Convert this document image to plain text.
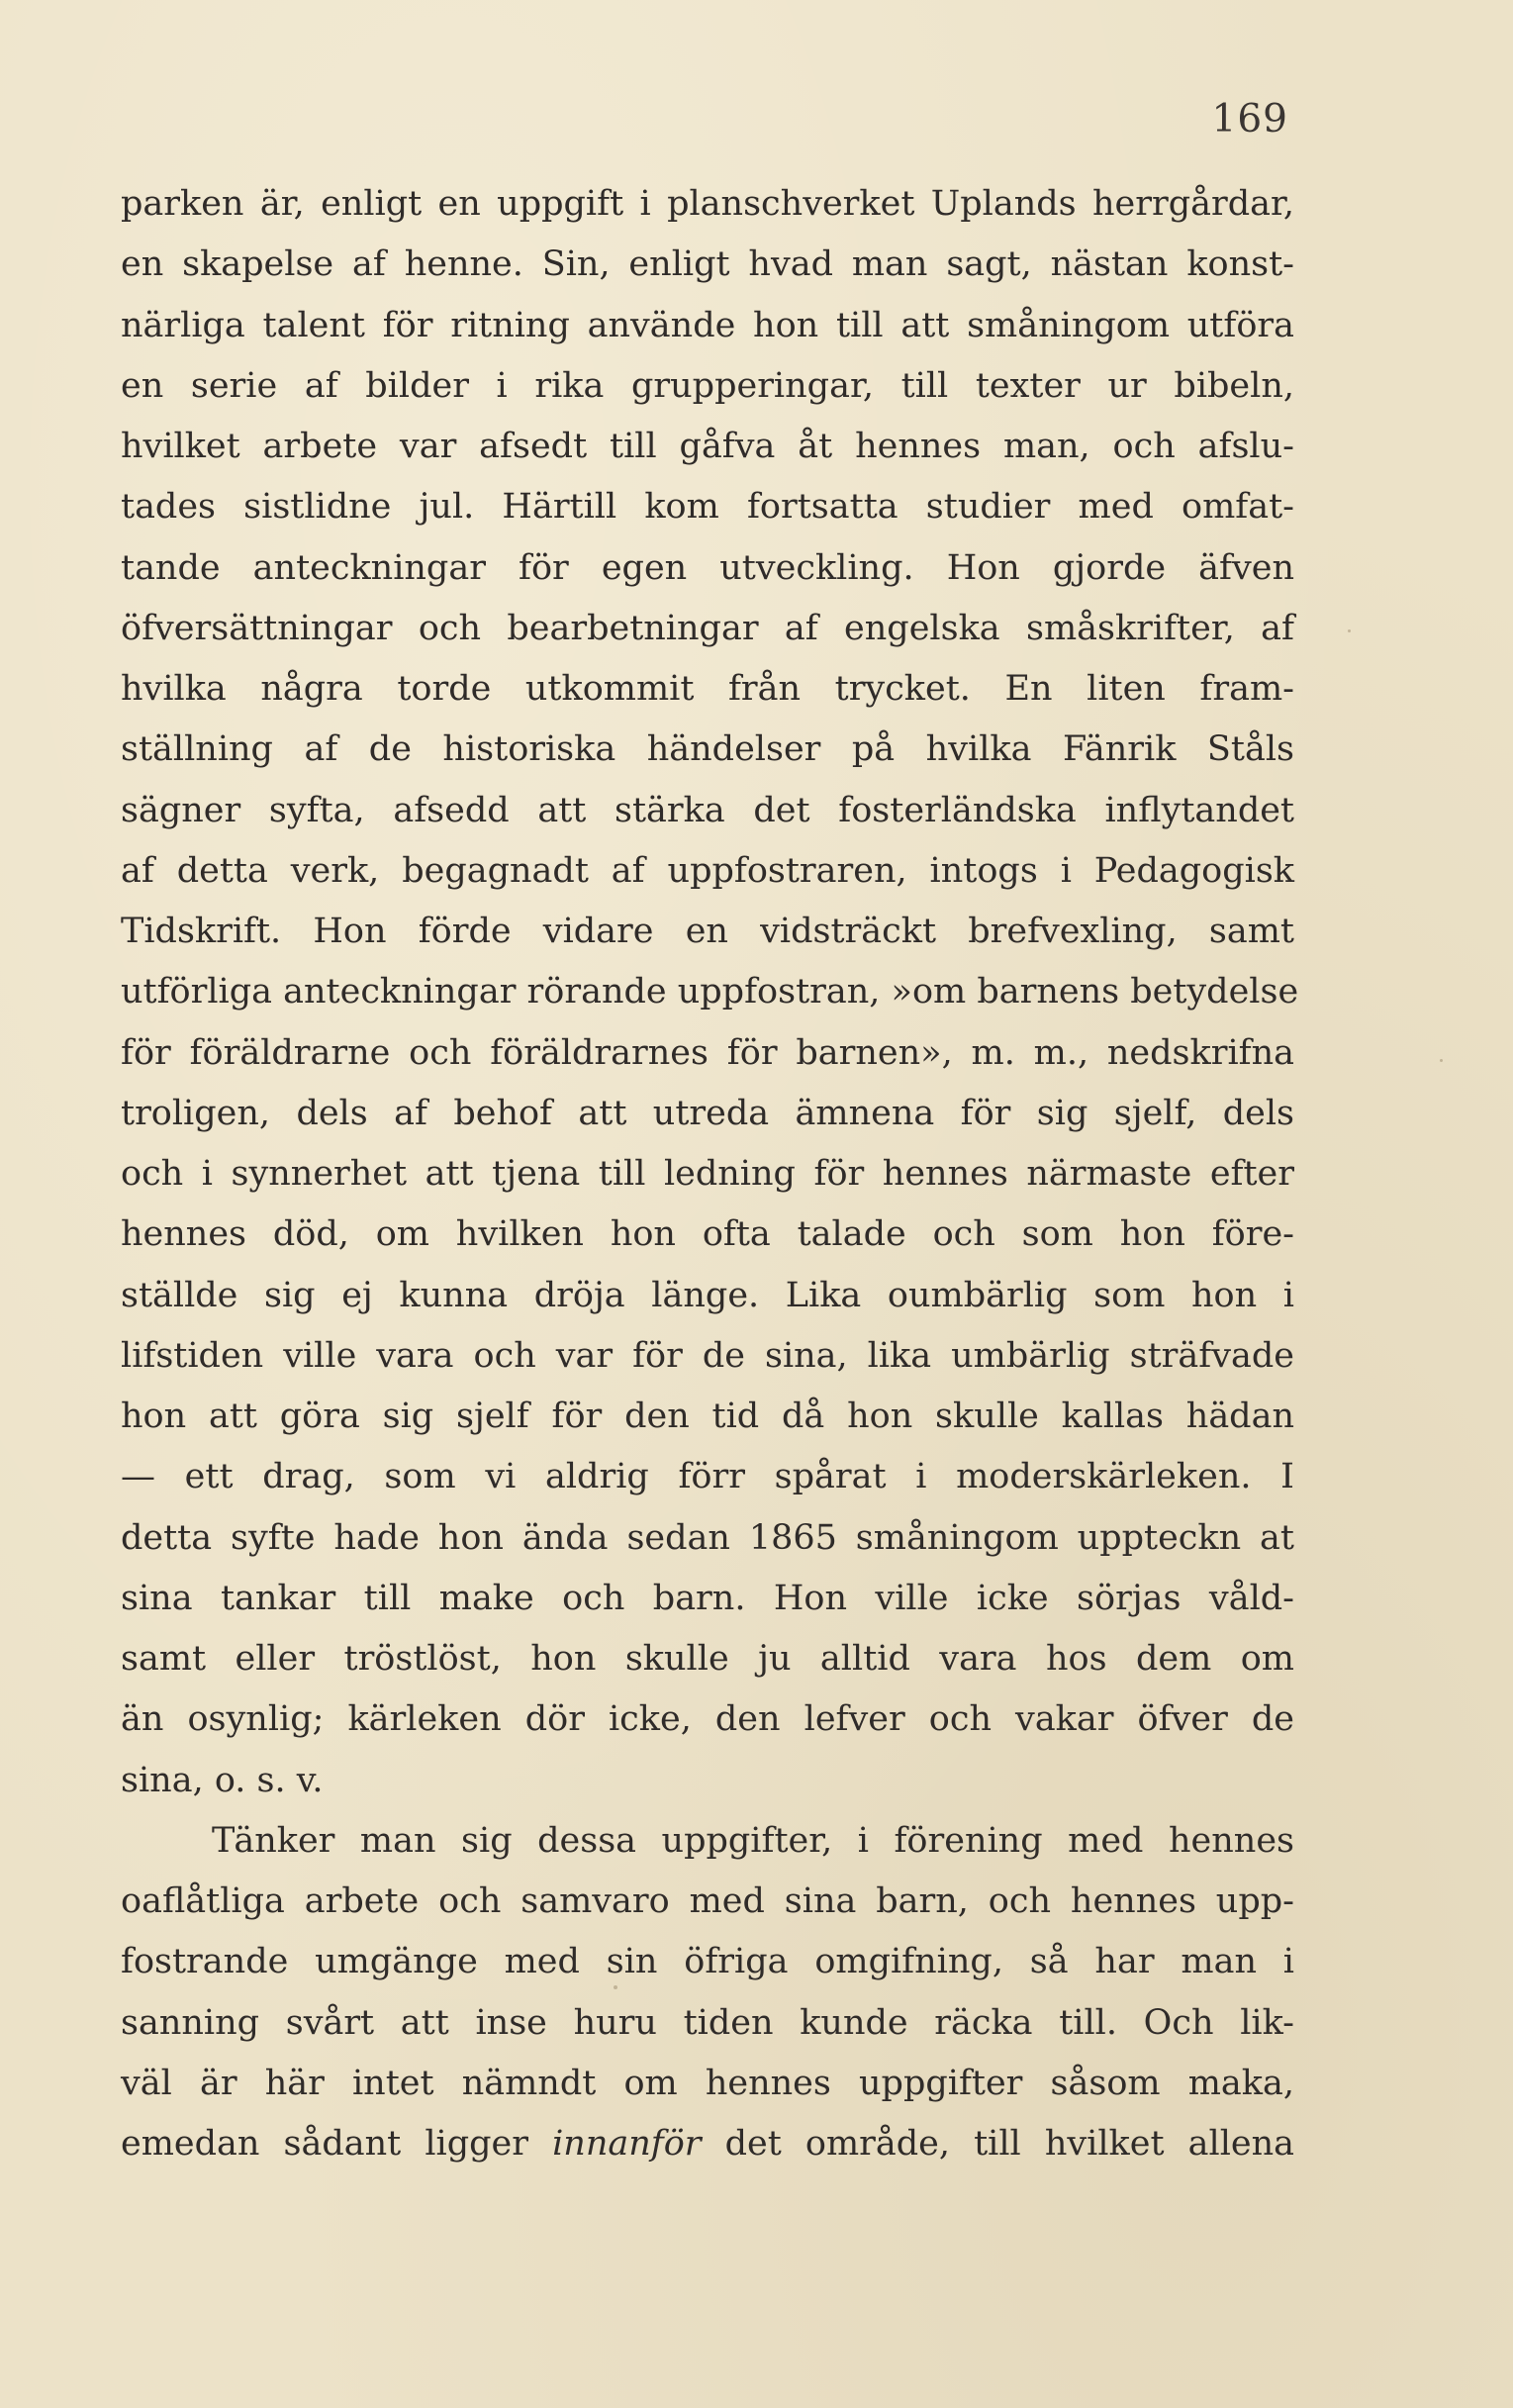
169
parken är, enligt en uppgift i planschverket Uplands herrgårdar,
en skapelse af henne. Sin, enligt hvad man sagt, nästan konst-
närliga talent för ritning använde hon till att småningom utföra
en serie af bilder i rika grupperingar, till texter ur bibeln,
hvilket arbete var afsedt till gåfva åt hennes man, och afslu-
tades sistlidne jul. Härtill kom fortsatta studier med omfat-
tande anteckningar för egen utveckling. Hon gjorde äfven
öfversättningar och bearbetningar af engelska småskrifter, af
hvilka några torde utkommit från trycket. En liten fram-
ställning af de historiska händelser på hvilka Fänrik Ståls
sägner syfta, afsedd att stärka det fosterländska inflytandet
af detta verk, begagnadt af uppfostraren, intogs i Pedagogisk
Tidskrift. Hon förde vidare en vidsträckt brefvexling, samt
utförliga anteckningar rörande uppfostran, »om barnens betydelse
för föräldrarne och föräldrarnes för barnen», m. m., nedskrifna
troligen, dels af behof att utreda ämnena för sig sjelf, dels
och i synnerhet att tjena till ledning för hennes närmaste efter
hennes död, om hvilken hon ofta talade och som hon före-
ställde sig ej kunna dröja länge. Lika oumbärlig som hon i
lifstiden ville vara och var för de sina, lika umbärlig sträfvade
hon att göra sig sjelf för den tid då hon skulle kallas hädan
— ett drag, som vi aldrig förr spårat i moderskärleken. I
detta syfte hade hon ända sedan 1865 småningom uppteckn at
sina tankar till make och barn. Hon ville icke sörjas våld-
samt eller tröstlöst, hon skulle ju alltid vara hos dem om
än osynlig; kärleken dör icke, den lefver och vakar öfver de
sina, o. s. v.
Tänker man sig dessa uppgifter, i förening med hennes
oaflåtliga arbete och samvaro med sina barn, och hennes upp-
fostrande umgänge med sin öfriga omgifning, så har man i
sanning svårt att inse huru tiden kunde räcka till. Och lik-
väl är här intet nämndt om hennes uppgifter såsom maka,
emedan sådant ligger innanför det område, till hvilket allena
